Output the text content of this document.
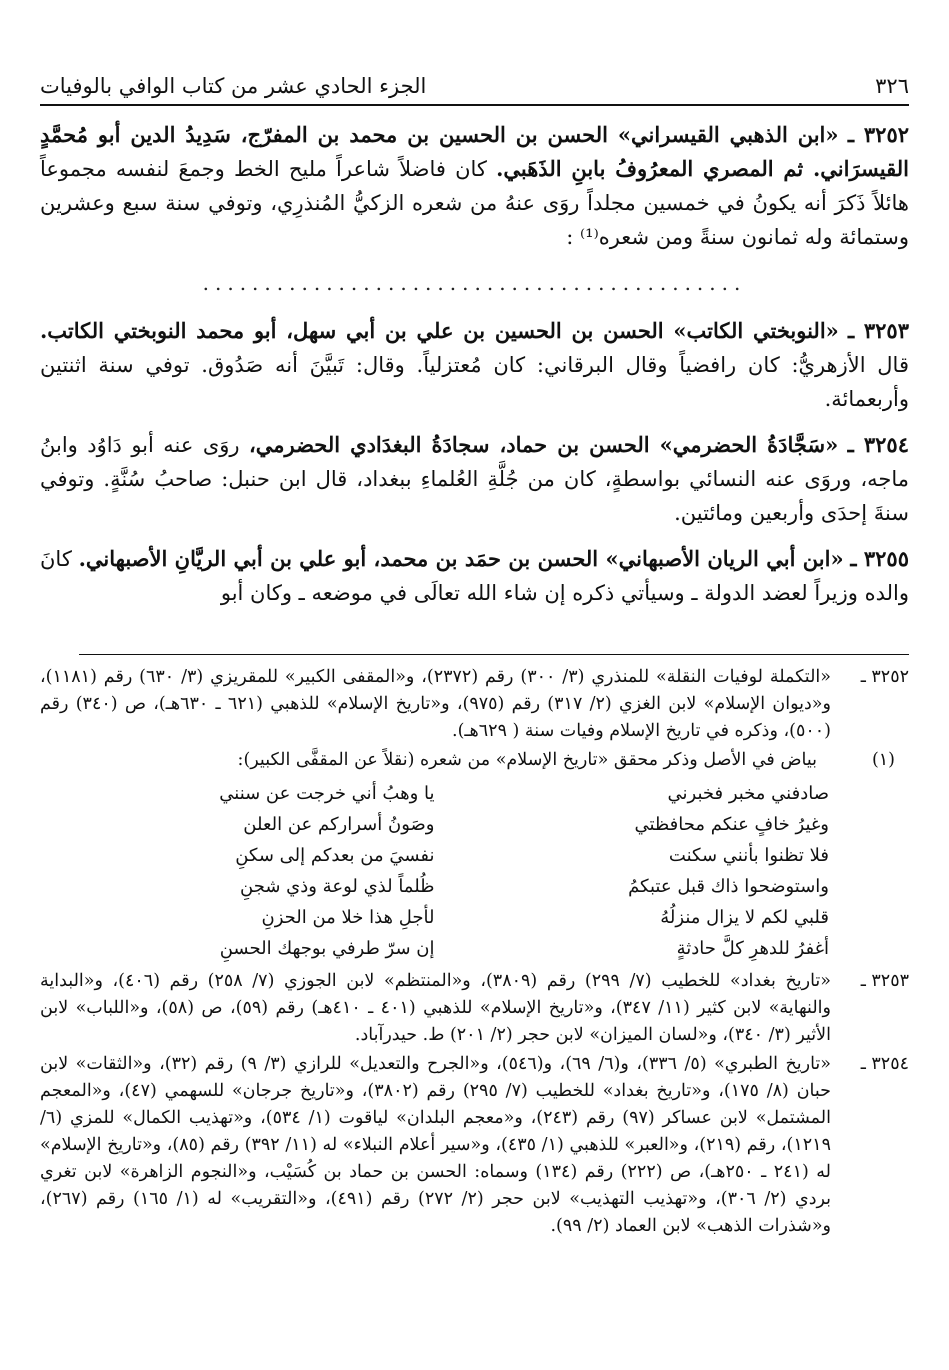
٣٢٦
الجزء الحادي عشر من كتاب الوافي بالوفيات

٣٢٥٢ ـ «ابن الذهبي القيسراني» الحسن بن الحسين بن محمد بن المفرّج، سَدِيدُ الدين أبو مُحمَّدٍ القيسرَاني. ثم المصري المعرُوفُ بابنِ الذَهَبي. كان فاضلاً شاعراً مليح الخط وجمعَ لنفسه مجموعاً هائلاً ذَكرَ أنه يكونُ في خمسين مجلداً روَى عنهُ من شعره الزكيُّ المُنذرِي، وتوفي سنة سبع وعشرين وستمائة وله ثمانون سنةً ومن شعره⁽¹⁾ :

............................................

٣٢٥٣ ـ «النوبختي الكاتب» الحسن بن الحسين بن علي بن أبي سهل، أبو محمد النوبختي الكاتب. قال الأزهريُّ: كان رافضياً وقال البرقاني: كان مُعتزلياً. وقال: تَبيَّنَ أنه صَدُوق. توفي سنة اثنتين وأربعمائة.

٣٢٥٤ ـ «سَجَّادَةُ الحضرمي» الحسن بن حماد، سجادَةُ البغدَادي الحضرمي، روَى عنه أبو دَاوُد وابنُ ماجه، وروَى عنه النسائي بواسطةٍ، كان من جُلَّةِ العُلماءِ ببغداد، قال ابن حنبل: صاحبُ سُنَّةٍ. وتوفي سنةَ إحدَى وأربعين ومائتين.

٣٢٥٥ ـ «ابن أبي الريان الأصبهاني» الحسن بن حمَد بن محمد، أبو علي بن أبي الريَّانِ الأصبهاني. كانَ والده وزيراً لعضد الدولة ـ وسيأتي ذكره إن شاء الله تعالَى في موضعه ـ وكان أبو

٣٢٥٢ ـ
«التكملة لوفيات النقلة» للمنذري (٣/ ٣٠٠) رقم (٢٣٧٢)، و«المقفى الكبير» للمقريزي (٣/ ٦٣٠) رقم (١١٨١)، و«ديوان الإسلام» لابن الغزي (٢/ ٣١٧) رقم (٩٧٥)، و«تاريخ الإسلام» للذهبي (٦٢١ ـ ٦٣٠هـ)، ص (٣٤٠) رقم (٥٠٠)، وذكره في تاريخ الإسلام وفيات سنة ( ٦٢٩هـ).
(١)
بياض في الأصل وذكر محقق «تاريخ الإسلام» من شعره (نقلاً عن المقفَّى الكبير):
صادفني مخبر فخبرني
يا وهبُ أني خرجت عن سنني
وغيرُ خافٍ عنكم محافظتي
وصَونُ أسراركم عن العلن
فلا تظنوا بأنني سكنت
نفسيَ من بعدكم إلى سكنِ
واستوضحوا ذاك قبل عتبكمُ
ظُلماً لذي لوعة وذي شجنِ
قلبي لكم لا يزال منزلُهُ
لأجلِ هذا خلا من الحزنِ
أغفرُ للدهرِ كلَّ حادثةٍ
إن سرّ طرفي بوجهك الحسنِ
٣٢٥٣ ـ
«تاريخ بغداد» للخطيب (٧/ ٢٩٩) رقم (٣٨٠٩)، و«المنتظم» لابن الجوزي (٧/ ٢٥٨) رقم (٤٠٦)، و«البداية والنهاية» لابن كثير (١١/ ٣٤٧)، و«تاريخ الإسلام» للذهبي (٤٠١ ـ ٤١٠هـ) رقم (٥٩)، ص (٥٨)، و«اللباب» لابن الأثير (٣/ ٣٤٠)، و«لسان الميزان» لابن حجر (٢/ ٢٠١) ط. حيدرآباد.
٣٢٥٤ ـ
«تاريخ الطبري» (٥/ ٣٣٦)، و(٦/ ٦٩)، و(٥٤٦)، و«الجرح والتعديل» للرازي (٣/ ٩) رقم (٣٢)، و«الثقات» لابن حبان (٨/ ١٧٥)، و«تاريخ بغداد» للخطيب (٧/ ٢٩٥) رقم (٣٨٠٢)، و«تاريخ جرجان» للسهمي (٤٧)، و«المعجم المشتمل» لابن عساكر (٩٧) رقم (٢٤٣)، و«معجم البلدان» لياقوت (١/ ٥٣٤)، و«تهذيب الكمال» للمزي (٦/ ١٢١٩)، رقم (٢١٩)، و«العبر» للذهبي (١/ ٤٣٥)، و«سير أعلام النبلاء» له (١١/ ٣٩٢) رقم (٨٥)، و«تاريخ الإسلام» له (٢٤١ ـ ٢٥٠هـ)، ص (٢٢٢) رقم (١٣٤) وسماه: الحسن بن حماد بن كُسَيْب، و«النجوم الزاهرة» لابن تغري بردي (٢/ ٣٠٦)، و«تهذيب التهذيب» لابن حجر (٢/ ٢٧٢) رقم (٤٩١)، و«التقريب» له (١/ ١٦٥) رقم (٢٦٧)، و«شذرات الذهب» لابن العماد (٢/ ٩٩).
